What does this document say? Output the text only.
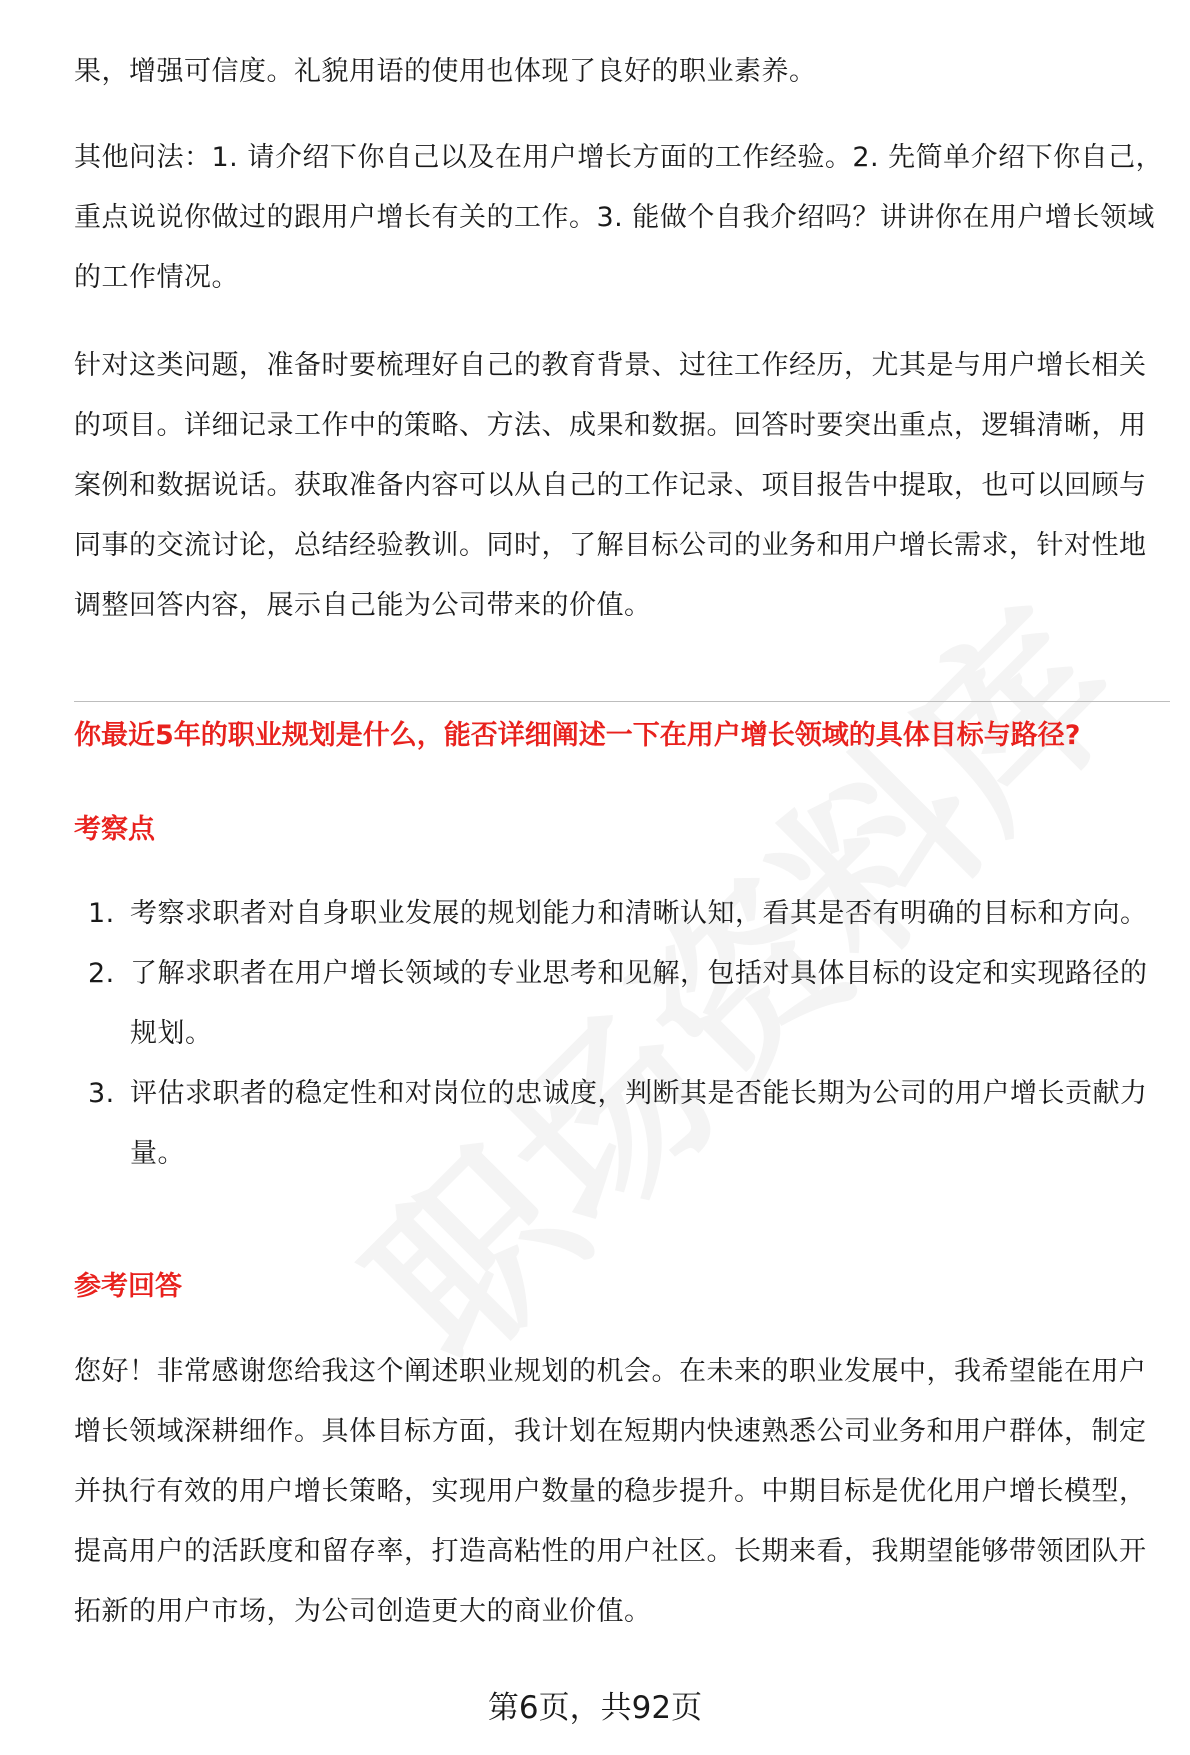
果，增强可信度。礼貌用语的使用也体现了良好的职业素养。

其他问法：1. 请介绍下你自己以及在用户增长方面的工作经验。2. 先简单介绍下你自己，重点说说你做过的跟用户增长有关的工作。3. 能做个自我介绍吗？讲讲你在用户增长领域的工作情况。

针对这类问题，准备时要梳理好自己的教育背景、过往工作经历，尤其是与用户增长相关的项目。详细记录工作中的策略、方法、成果和数据。回答时要突出重点，逻辑清晰，用案例和数据说话。获取准备内容可以从自己的工作记录、项目报告中提取，也可以回顾与同事的交流讨论，总结经验教训。同时，了解目标公司的业务和用户增长需求，针对性地调整回答内容，展示自己能为公司带来的价值。

你最近5年的职业规划是什么，能否详细阐述一下在用户增长领域的具体目标与路径?

考察点

1. 考察求职者对自身职业发展的规划能力和清晰认知，看其是否有明确的目标和方向。
2. 了解求职者在用户增长领域的专业思考和见解，包括对具体目标的设定和实现路径的规划。
3. 评估求职者的稳定性和对岗位的忠诚度，判断其是否能长期为公司的用户增长贡献力量。

参考回答

您好！非常感谢您给我这个阐述职业规划的机会。在未来的职业发展中，我希望能在用户增长领域深耕细作。具体目标方面，我计划在短期内快速熟悉公司业务和用户群体，制定并执行有效的用户增长策略，实现用户数量的稳步提升。中期目标是优化用户增长模型，提高用户的活跃度和留存率，打造高粘性的用户社区。长期来看，我期望能够带领团队开拓新的用户市场，为公司创造更大的商业价值。

第6页，共92页
